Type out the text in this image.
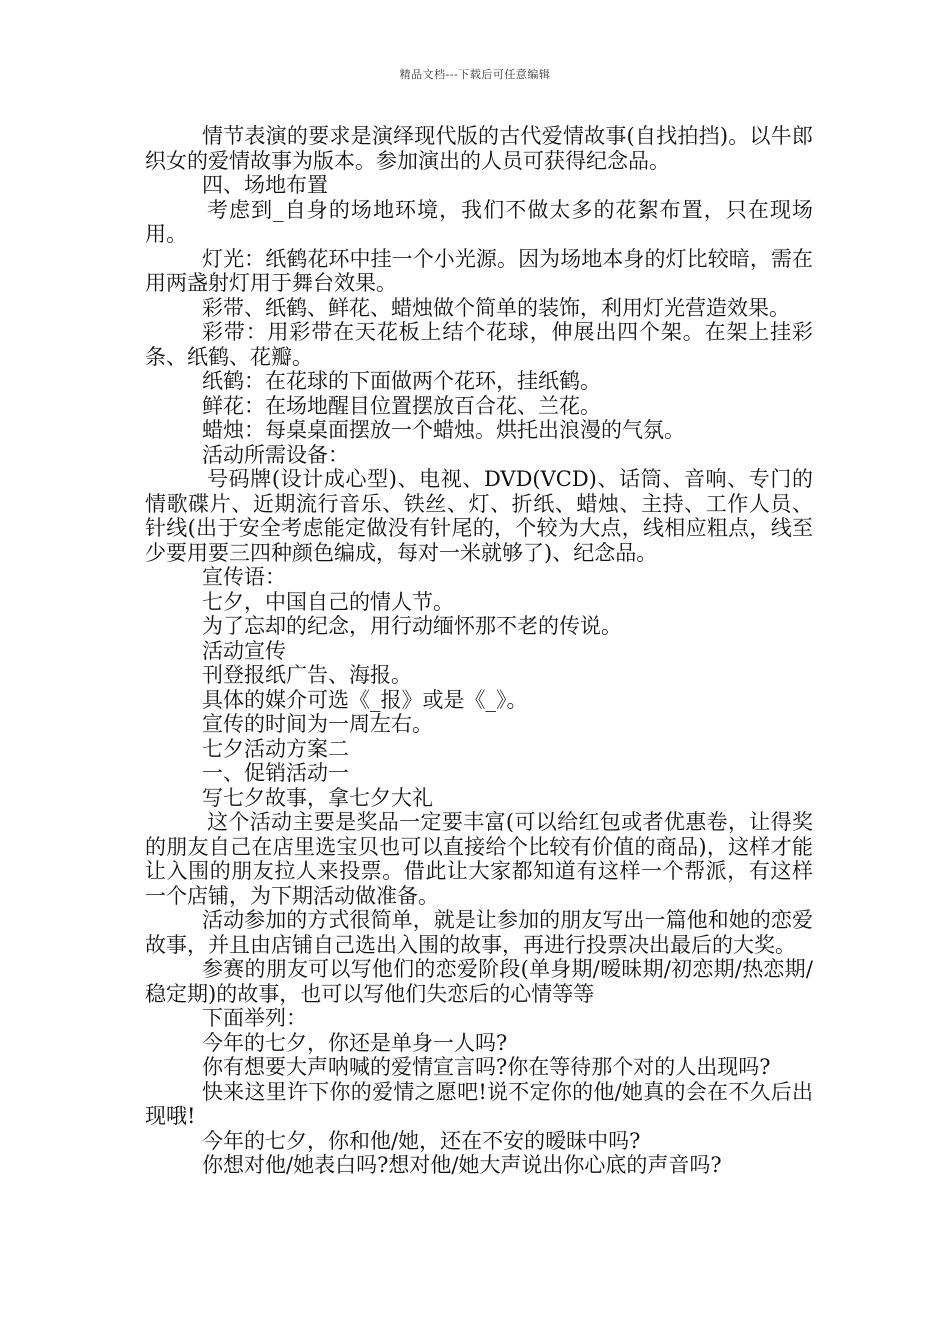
精品文档---下载后可任意编辑

情节表演的要求是演绎现代版的古代爱情故事(自找拍挡)。以牛郎织女的爱情故事为版本。参加演出的人员可获得纪念品。

四、场地布置

考虑到_自身的场地环境，我们不做太多的花絮布置，只在现场用。

灯光：纸鹤花环中挂一个小光源。因为场地本身的灯比较暗，需在用两盏射灯用于舞台效果。

彩带、纸鹤、鲜花、蜡烛做个简单的装饰，利用灯光营造效果。

彩带：用彩带在天花板上结个花球，伸展出四个架。在架上挂彩条、纸鹤、花瓣。

纸鹤：在花球的下面做两个花环，挂纸鹤。

鲜花：在场地醒目位置摆放百合花、兰花。

蜡烛：每桌桌面摆放一个蜡烛。烘托出浪漫的气氛。

活动所需设备：

号码牌(设计成心型)、电视、DVD(VCD)、话筒、音响、专门的情歌碟片、近期流行音乐、铁丝、灯、折纸、蜡烛、主持、工作人员、针线(出于安全考虑能定做没有针尾的，个较为大点，线相应粗点，线至少要用要三四种颜色编成，每对一米就够了)、纪念品。

宣传语：

七夕，中国自己的情人节。

为了忘却的纪念，用行动缅怀那不老的传说。

活动宣传

刊登报纸广告、海报。

具体的媒介可选《_报》或是《_》。

宣传的时间为一周左右。

七夕活动方案二

一、促销活动一

写七夕故事，拿七夕大礼

这个活动主要是奖品一定要丰富(可以给红包或者优惠卷，让得奖的朋友自己在店里选宝贝也可以直接给个比较有价值的商品)，这样才能让入围的朋友拉人来投票。借此让大家都知道有这样一个帮派，有这样一个店铺，为下期活动做准备。

活动参加的方式很简单，就是让参加的朋友写出一篇他和她的恋爱故事，并且由店铺自己选出入围的故事，再进行投票决出最后的大奖。

参赛的朋友可以写他们的恋爱阶段(单身期/暧昧期/初恋期/热恋期/稳定期)的故事，也可以写他们失恋后的心情等等

下面举列：

今年的七夕，你还是单身一人吗?

你有想要大声呐喊的爱情宣言吗?你在等待那个对的人出现吗?

快来这里许下你的爱情之愿吧!说不定你的他/她真的会在不久后出现哦!

今年的七夕，你和他/她，还在不安的暧昧中吗?

你想对他/她表白吗?想对他/她大声说出你心底的声音吗?
